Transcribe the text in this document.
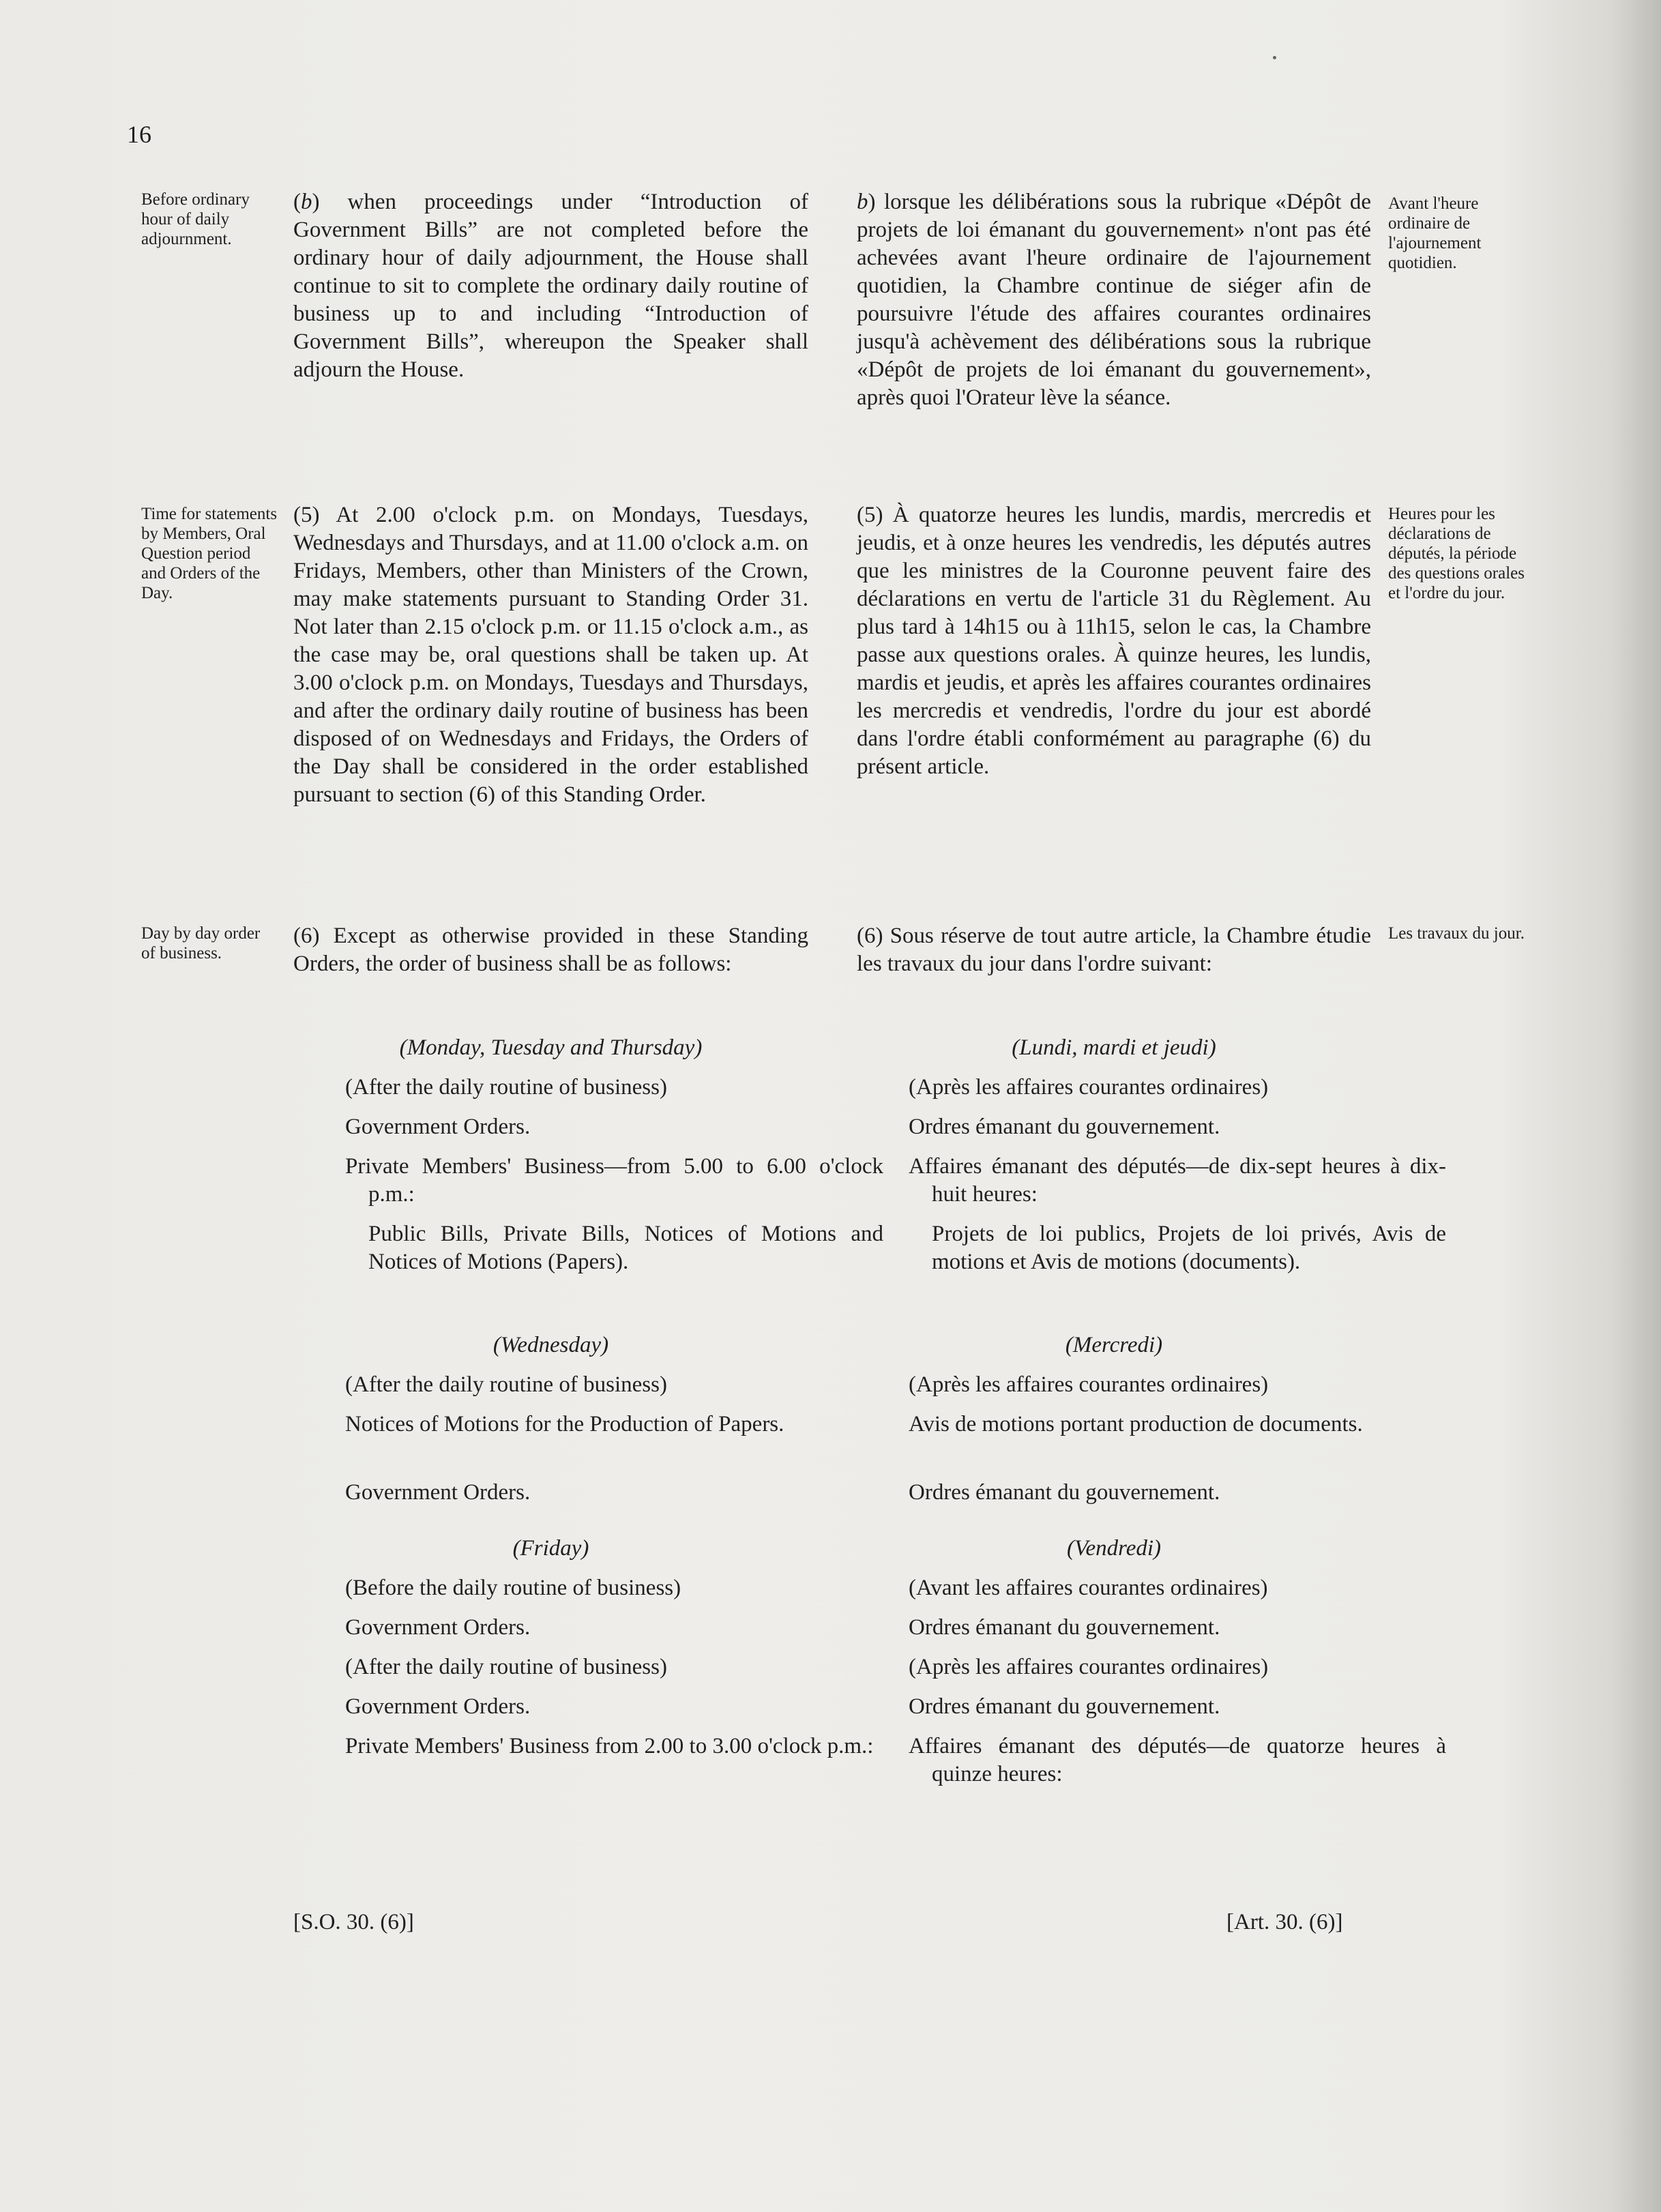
16
Before ordinary hour of daily adjournment.
Time for statements by Members, Oral Question period and Orders of the Day.
Day by day order of business.
Avant l'heure ordinaire de l'ajournement quotidien.
Heures pour les déclarations de députés, la période des questions orales et l'ordre du jour.
Les travaux du jour.

(b) when proceedings under “Introduction of Government Bills” are not completed before the ordinary hour of daily adjournment, the House shall continue to sit to complete the ordinary daily routine of business up to and including “Introduction of Government Bills”, whereupon the Speaker shall adjourn the House.

(5) At 2.00 o'clock p.m. on Mondays, Tuesdays, Wednesdays and Thursdays, and at 11.00 o'clock a.m. on Fridays, Members, other than Ministers of the Crown, may make statements pursuant to Standing Order 31. Not later than 2.15 o'clock p.m. or 11.15 o'clock a.m., as the case may be, oral questions shall be taken up. At 3.00 o'clock p.m. on Mondays, Tuesdays and Thursdays, and after the ordinary daily routine of business has been disposed of on Wednesdays and Fridays, the Orders of the Day shall be considered in the order established pursuant to section (6) of this Standing Order.
(6) Except as otherwise provided in these Standing Orders, the order of business shall be as follows:
(Monday, Tuesday and Thursday)
(After the daily routine of business)
Government Orders.
Private Members' Business—from 5.00 to 6.00 o'clock p.m.:
Public Bills, Private Bills, Notices of Motions and Notices of Motions (Papers).
(Wednesday)
(After the daily routine of business)
Notices of Motions for the Production of Papers.
Government Orders.
(Friday)
(Before the daily routine of business)
Government Orders.
(After the daily routine of business)
Government Orders.
Private Members' Business from 2.00 to 3.00 o'clock p.m.:

b) lorsque les délibérations sous la rubrique «Dépôt de projets de loi émanant du gouvernement» n'ont pas été achevées avant l'heure ordinaire de l'ajournement quotidien, la Chambre continue de siéger afin de poursuivre l'étude des affaires courantes ordinaires jusqu'à achèvement des délibérations sous la rubrique «Dépôt de projets de loi émanant du gouvernement», après quoi l'Orateur lève la séance.

(5) À quatorze heures les lundis, mardis, mercredis et jeudis, et à onze heures les vendredis, les députés autres que les ministres de la Couronne peuvent faire des déclarations en vertu de l'article 31 du Règlement. Au plus tard à 14h15 ou à 11h15, selon le cas, la Chambre passe aux questions orales. À quinze heures, les lundis, mardis et jeudis, et après les affaires courantes ordinaires les mercredis et vendredis, l'ordre du jour est abordé dans l'ordre établi conformément au paragraphe (6) du présent article.
(6) Sous réserve de tout autre article, la Chambre étudie les travaux du jour dans l'ordre suivant:
(Lundi, mardi et jeudi)
(Après les affaires courantes ordinaires)
Ordres émanant du gouvernement.
Affaires émanant des députés—de dix-sept heures à dix-huit heures:
Projets de loi publics, Projets de loi privés, Avis de motions et Avis de motions (documents).
(Mercredi)
(Après les affaires courantes ordinaires)
Avis de motions portant production de documents.
Ordres émanant du gouvernement.
(Vendredi)
(Avant les affaires courantes ordinaires)
Ordres émanant du gouvernement.
(Après les affaires courantes ordinaires)
Ordres émanant du gouvernement.
Affaires émanant des députés—de quatorze heures à quinze heures:
[S.O. 30. (6)]	[Art. 30. (6)]
